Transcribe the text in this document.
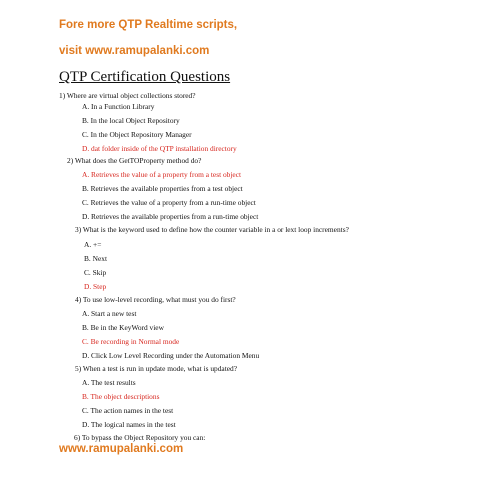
Fore more QTP Realtime scripts,
visit www.ramupalanki.com
QTP Certification Questions
1) Where are virtual object collections stored?
A. In a Function Library
B. In the local Object Repository
C. In the Object Repository Manager
D. dat folder inside of the QTP installation directory
2) What does the GetTOProperty method do?
A. Retrieves the value of a property from a test object
B. Retrieves the available properties from a test object
C. Retrieves the value of a property from a run-time object
D. Retrieves the available properties from a run-time object
3) What is the keyword used to define how the counter variable in a or lext loop increments?
A. +=
B. Next
C. Skip
D. Step
4) To use low-level recording, what must you do first?
A. Start a new test
B. Be in the KeyWord view
C. Be recording in Normal mode
D. Click Low Level Recording under the Automation Menu
5) When a test is run in update mode, what is updated?
A. The test results
B. The object descriptions
C. The action names in the test
D. The logical names in the test
6) To bypass the Object Repository you can:
www.ramupalanki.com
